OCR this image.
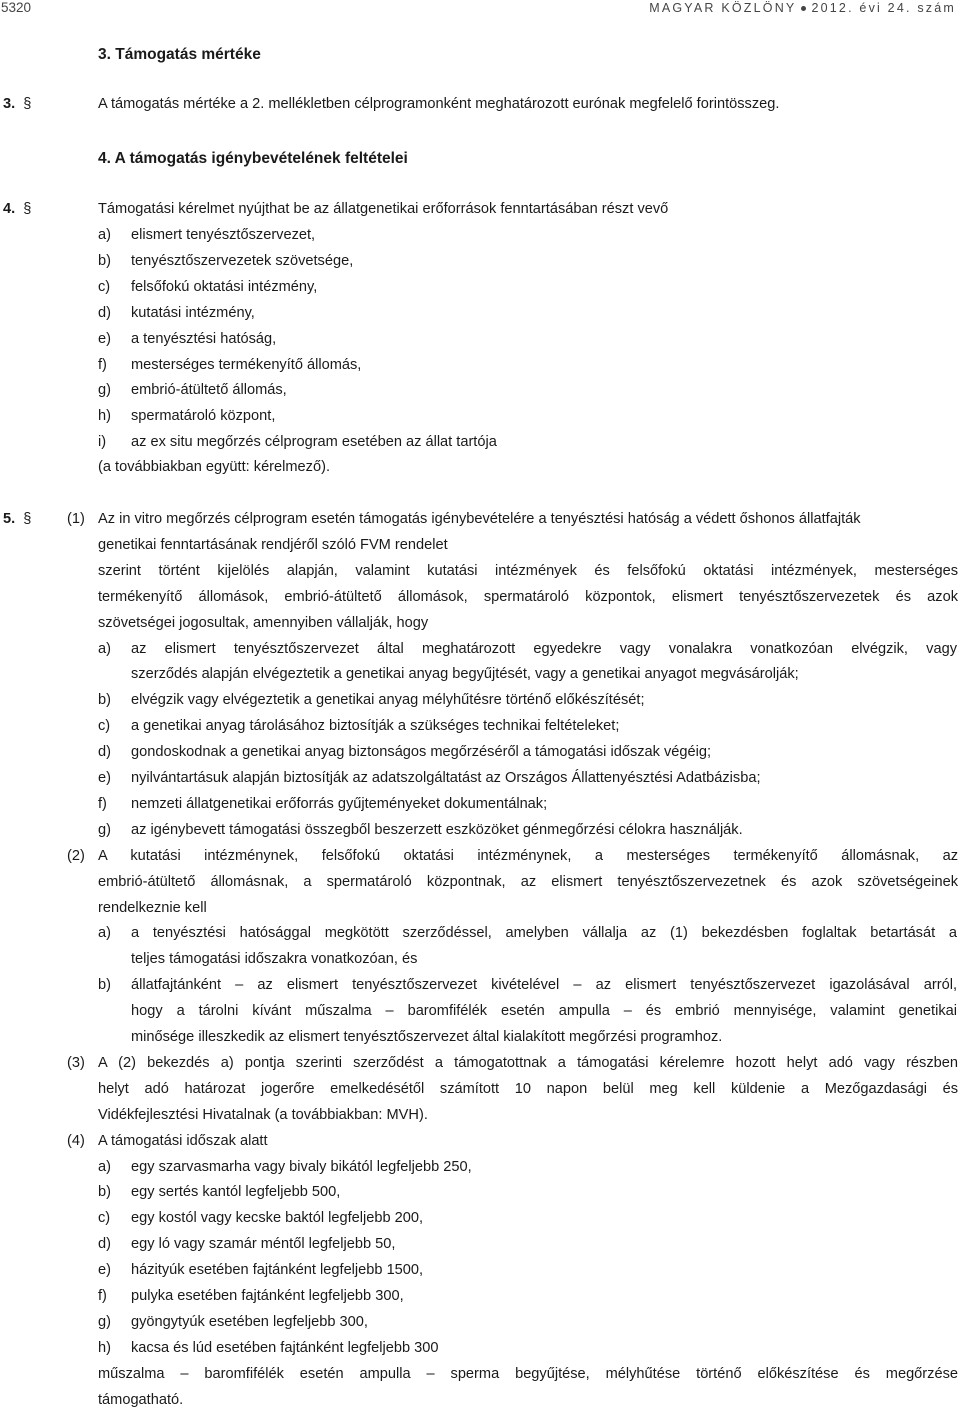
5320	MAGYAR KÖZLÖNY 2012. évi 24. szám
3. Támogatás mértéke
3. §	A támogatás mértéke a 2. mellékletben célprogramonként meghatározott eurónak megfelelő forintösszeg.
4. A támogatás igénybevételének feltételei
4. §	Támogatási kérelmet nyújthat be az állatgenetikai erőforrások fenntartásában részt vevő
a) elismert tenyésztőszervezet,
b) tenyésztőszervezetek szövetsége,
c) felsőfokú oktatási intézmény,
d) kutatási intézmény,
e) a tenyésztési hatóság,
f) mesterséges termékenyítő állomás,
g) embrió-átültető állomás,
h) spermatároló központ,
i) az ex situ megőrzés célprogram esetében az állat tartója
(a továbbiakban együtt: kérelmező).
5. §	(1) Az in vitro megőrzés célprogram esetén támogatás igénybevételére a tenyésztési hatóság a védett őshonos állatfajták
genetikai fenntartásának rendjéről szóló FVM rendelet
szerint történt kijelölés alapján, valamint kutatási intézmények és felsőfokú oktatási intézmények, mesterséges
termékenyítő állomások, embrió-átültető állomások, spermatároló központok, elismert tenyésztőszervezetek és azok
szövetségei jogosultak, amennyiben vállalják, hogy
a) az elismert tenyésztőszervezet által meghatározott egyedekre vagy vonalakra vonatkozóan elvégzik, vagy
szerződés alapján elvégeztetik a genetikai anyag begyűjtését, vagy a genetikai anyagot megvásárolják;
b) elvégzik vagy elvégeztetik a genetikai anyag mélyhűtésre történő előkészítését;
c) a genetikai anyag tárolásához biztosítják a szükséges technikai feltételeket;
d) gondoskodnak a genetikai anyag biztonságos megőrzéséről a támogatási időszak végéig;
e) nyilvántartásuk alapján biztosítják az adatszolgáltatást az Országos Állattenyésztési Adatbázisba;
f) nemzeti állatgenetikai erőforrás gyűjteményeket dokumentálnak;
g) az igénybevett támogatási összegből beszerzett eszközöket génmegőrzési célokra használják.
(2) A kutatási intézménynek, felsőfokú oktatási intézménynek, a mesterséges termékenyítő állomásnak, az
embrió-átültető állomásnak, a spermatároló központnak, az elismert tenyésztőszervezetnek és azok szövetségeinek
rendelkeznie kell
a) a tenyésztési hatósággal megkötött szerződéssel, amelyben vállalja az (1) bekezdésben foglaltak betartását a
teljes támogatási időszakra vonatkozóan, és
b) állatfajtánként – az elismert tenyésztőszervezet kivételével – az elismert tenyésztőszervezet igazolásával arról,
hogy a tárolni kívánt műszalma – baromfifélék esetén ampulla – és embrió mennyisége, valamint genetikai
minősége illeszkedik az elismert tenyésztőszervezet által kialakított megőrzési programhoz.
(3) A (2) bekezdés a) pontja szerinti szerződést a támogatottnak a támogatási kérelemre hozott helyt adó vagy részben
helyt adó határozat jogerőre emelkedésétől számított 10 napon belül meg kell küldenie a Mezőgazdasági és
Vidékfejlesztési Hivatalnak (a továbbiakban: MVH).
(4) A támogatási időszak alatt
a) egy szarvasmarha vagy bivaly bikától legfeljebb 250,
b) egy sertés kantól legfeljebb 500,
c) egy kostól vagy kecske baktól legfeljebb 200,
d) egy ló vagy szamár méntől legfeljebb 50,
e) házityúk esetében fajtánként legfeljebb 1500,
f) pulyka esetében fajtánként legfeljebb 300,
g) gyöngytyúk esetében legfeljebb 300,
h) kacsa és lúd esetében fajtánként legfeljebb 300
műszalma – baromfifélék esetén ampulla – sperma begyűjtése, mélyhűtése történő előkészítése és megőrzése
támogatható.
